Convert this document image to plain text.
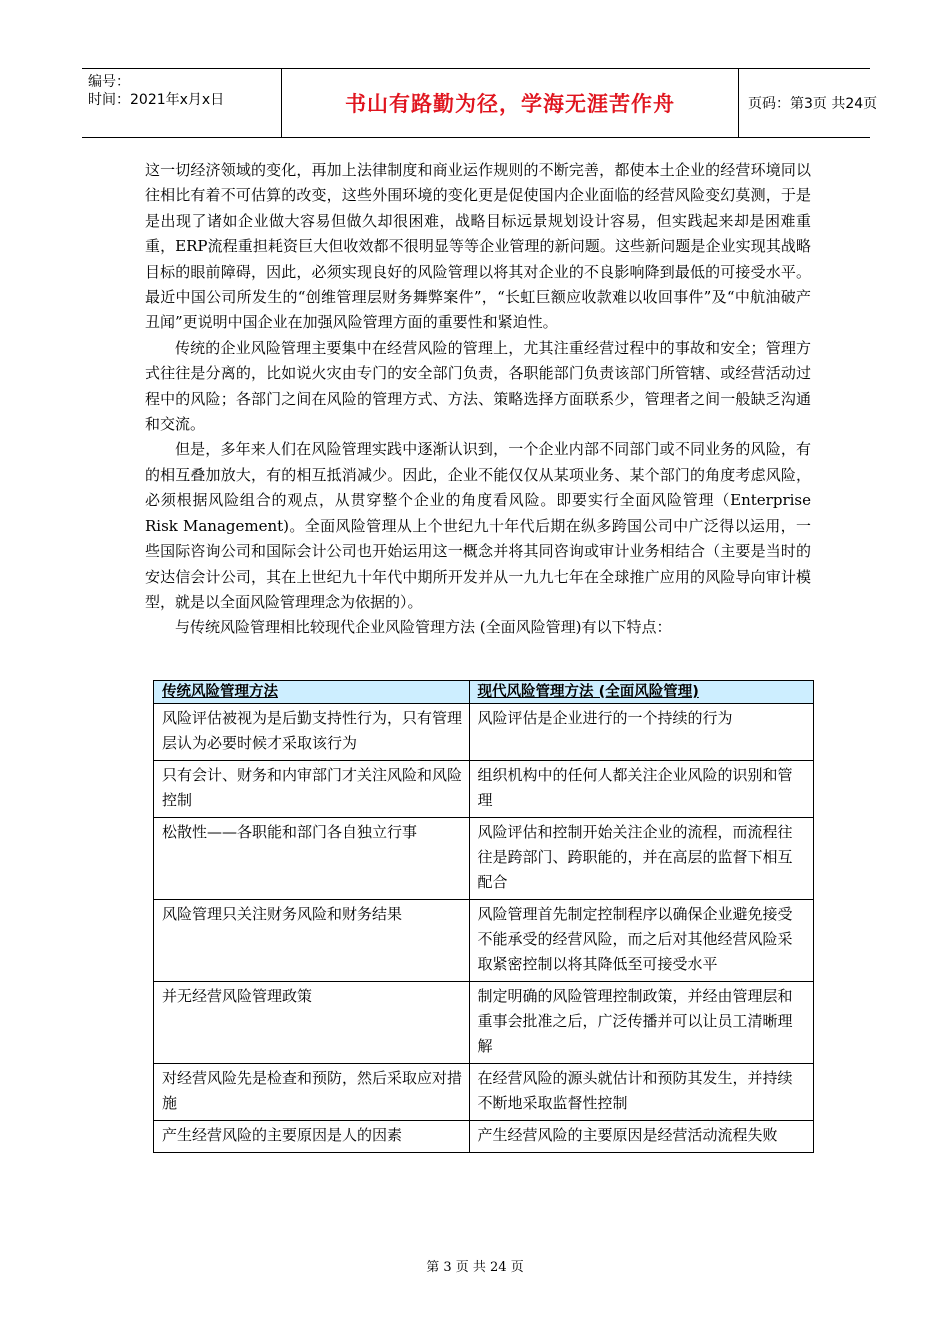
编号：
时间：2021年x月x日	书山有路勤为径，学海无涯苦作舟	页码：第3页 共24页

这一切经济领域的变化，再加上法律制度和商业运作规则的不断完善，都使本土企业的经营环境同以往相比有着不可估算的改变，这些外围环境的变化更是促使国内企业面临的经营风险变幻莫测，于是是出现了诸如企业做大容易但做久却很困难，战略目标远景规划设计容易，但实践起来却是困难重重，ERP流程重担耗资巨大但收效都不很明显等等企业管理的新问题。这些新问题是企业实现其战略目标的眼前障碍，因此，必须实现良好的风险管理以将其对企业的不良影响降到最低的可接受水平。最近中国公司所发生的“创维管理层财务舞弊案件”，“长虹巨额应收款难以收回事件”及“中航油破产丑闻”更说明中国企业在加强风险管理方面的重要性和紧迫性。

传统的企业风险管理主要集中在经营风险的管理上，尤其注重经营过程中的事故和安全；管理方式往往是分离的，比如说火灾由专门的安全部门负责，各职能部门负责该部门所管辖、或经营活动过程中的风险；各部门之间在风险的管理方式、方法、策略选择方面联系少，管理者之间一般缺乏沟通和交流。

但是，多年来人们在风险管理实践中逐渐认识到，一个企业内部不同部门或不同业务的风险，有的相互叠加放大，有的相互抵消减少。因此，企业不能仅仅从某项业务、某个部门的角度考虑风险，必须根据风险组合的观点，从贯穿整个企业的角度看风险。即要实行全面风险管理（Enterprise Risk Management)。全面风险管理从上个世纪九十年代后期在纵多跨国公司中广泛得以运用，一些国际咨询公司和国际会计公司也开始运用这一概念并将其同咨询或审计业务相结合（主要是当时的安达信会计公司，其在上世纪九十年代中期所开发并从一九九七年在全球推广应用的风险导向审计模型，就是以全面风险管理理念为依据的）。

与传统风险管理相比较现代企业风险管理方法 (全面风险管理)有以下特点：

传统风险管理方法	现代风险管理方法 (全面风险管理)
风险评估被视为是后勤支持性行为，只有管理层认为必要时候才采取该行为	风险评估是企业进行的一个持续的行为
只有会计、财务和内审部门才关注风险和风险控制	组织机构中的任何人都关注企业风险的识别和管理
松散性——各职能和部门各自独立行事	风险评估和控制开始关注企业的流程，而流程往往是跨部门、跨职能的，并在高层的监督下相互配合
风险管理只关注财务风险和财务结果	风险管理首先制定控制程序以确保企业避免接受不能承受的经营风险，而之后对其他经营风险采取紧密控制以将其降低至可接受水平
并无经营风险管理政策	制定明确的风险管理控制政策，并经由管理层和重事会批准之后，广泛传播并可以让员工清晰理解
对经营风险先是检查和预防，然后采取应对措施	在经营风险的源头就估计和预防其发生，并持续不断地采取监督性控制
产生经营风险的主要原因是人的因素	产生经营风险的主要原因是经营活动流程失败
第 3 页 共 24 页
